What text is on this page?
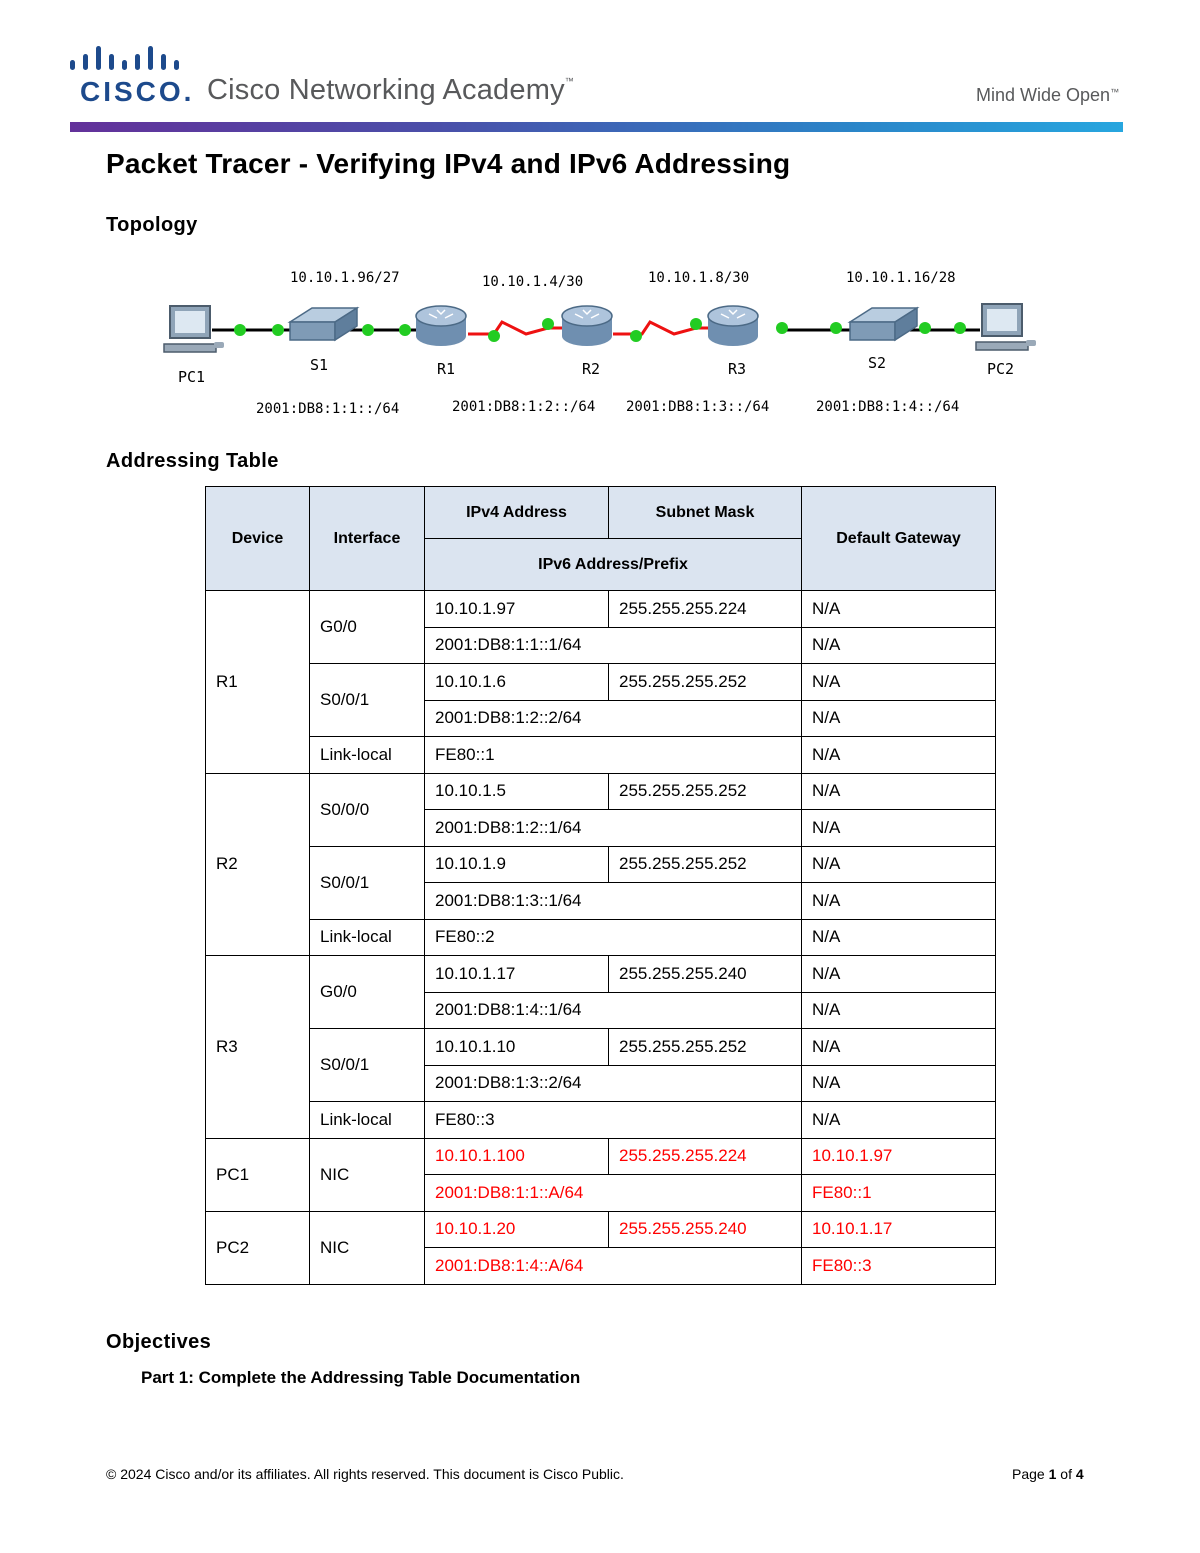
CISCO. Cisco Networking Academy™
Mind Wide Open™
Packet Tracer - Verifying IPv4 and IPv6 Addressing
Topology
PC1
S1	R1	R2	R3	S2	PC2
10.10.1.96/27	10.10.1.4/30	10.10.1.8/30	10.10.1.16/28
2001:DB8:1:1::/64	2001:DB8:1:2::/64 2001:DB8:1:3::/64	2001:DB8:1:4::/64
Addressing Table
Device	Interface	IPv4 Address	Subnet Mask	Default Gateway
		IPv6 Address/Prefix		
R1	G0/0	10.10.1.97	255.255.255.224	N/A
		2001:DB8:1:1::1/64		N/A
	S0/0/1	10.10.1.6	255.255.255.252	N/A
		2001:DB8:1:2::2/64		N/A
	Link-local	FE80::1		N/A
R2	S0/0/0	10.10.1.5	255.255.255.252	N/A
		2001:DB8:1:2::1/64		N/A
	S0/0/1	10.10.1.9	255.255.255.252	N/A
		2001:DB8:1:3::1/64		N/A
	Link-local	FE80::2		N/A
R3	G0/0	10.10.1.17	255.255.255.240	N/A
		2001:DB8:1:4::1/64		N/A
	S0/0/1	10.10.1.10	255.255.255.252	N/A
		2001:DB8:1:3::2/64		N/A
	Link-local	FE80::3		N/A
PC1	NIC	10.10.1.100	255.255.255.224	10.10.1.97
		2001:DB8:1:1::A/64		FE80::1
PC2	NIC	10.10.1.20	255.255.255.240	10.10.1.17
		2001:DB8:1:4::A/64		FE80::3
Objectives
Part 1: Complete the Addressing Table Documentation
© 2024 Cisco and/or its affiliates. All rights reserved. This document is Cisco Public.	Page 1 of 4
